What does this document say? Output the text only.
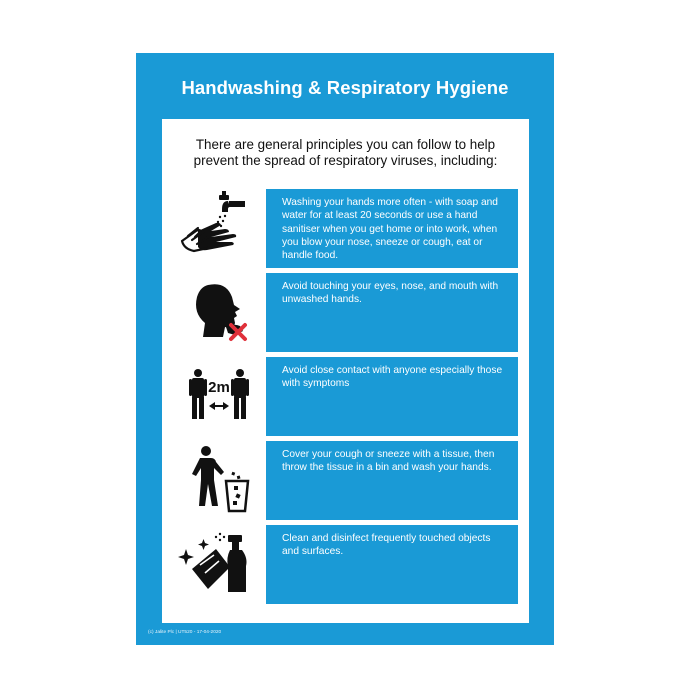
Handwashing & Respiratory Hygiene
There are general principles you can follow to help prevent the spread of respiratory viruses, including:
Washing your hands more often - with soap and water for at least 20 seconds or use a hand sanitiser when you get home or into work, when you blow your nose, sneeze or cough, eat or handle food.
Avoid touching your eyes, nose, and mouth with unwashed hands.
2m
Avoid close contact with anyone especially those with symptoms
Cover your cough or sneeze with a tissue, then throw the tissue in a bin and wash your hands.
Clean and disinfect frequently touched objects and surfaces.
(c) Jalite Plc | UT520 - 17-04-2020
